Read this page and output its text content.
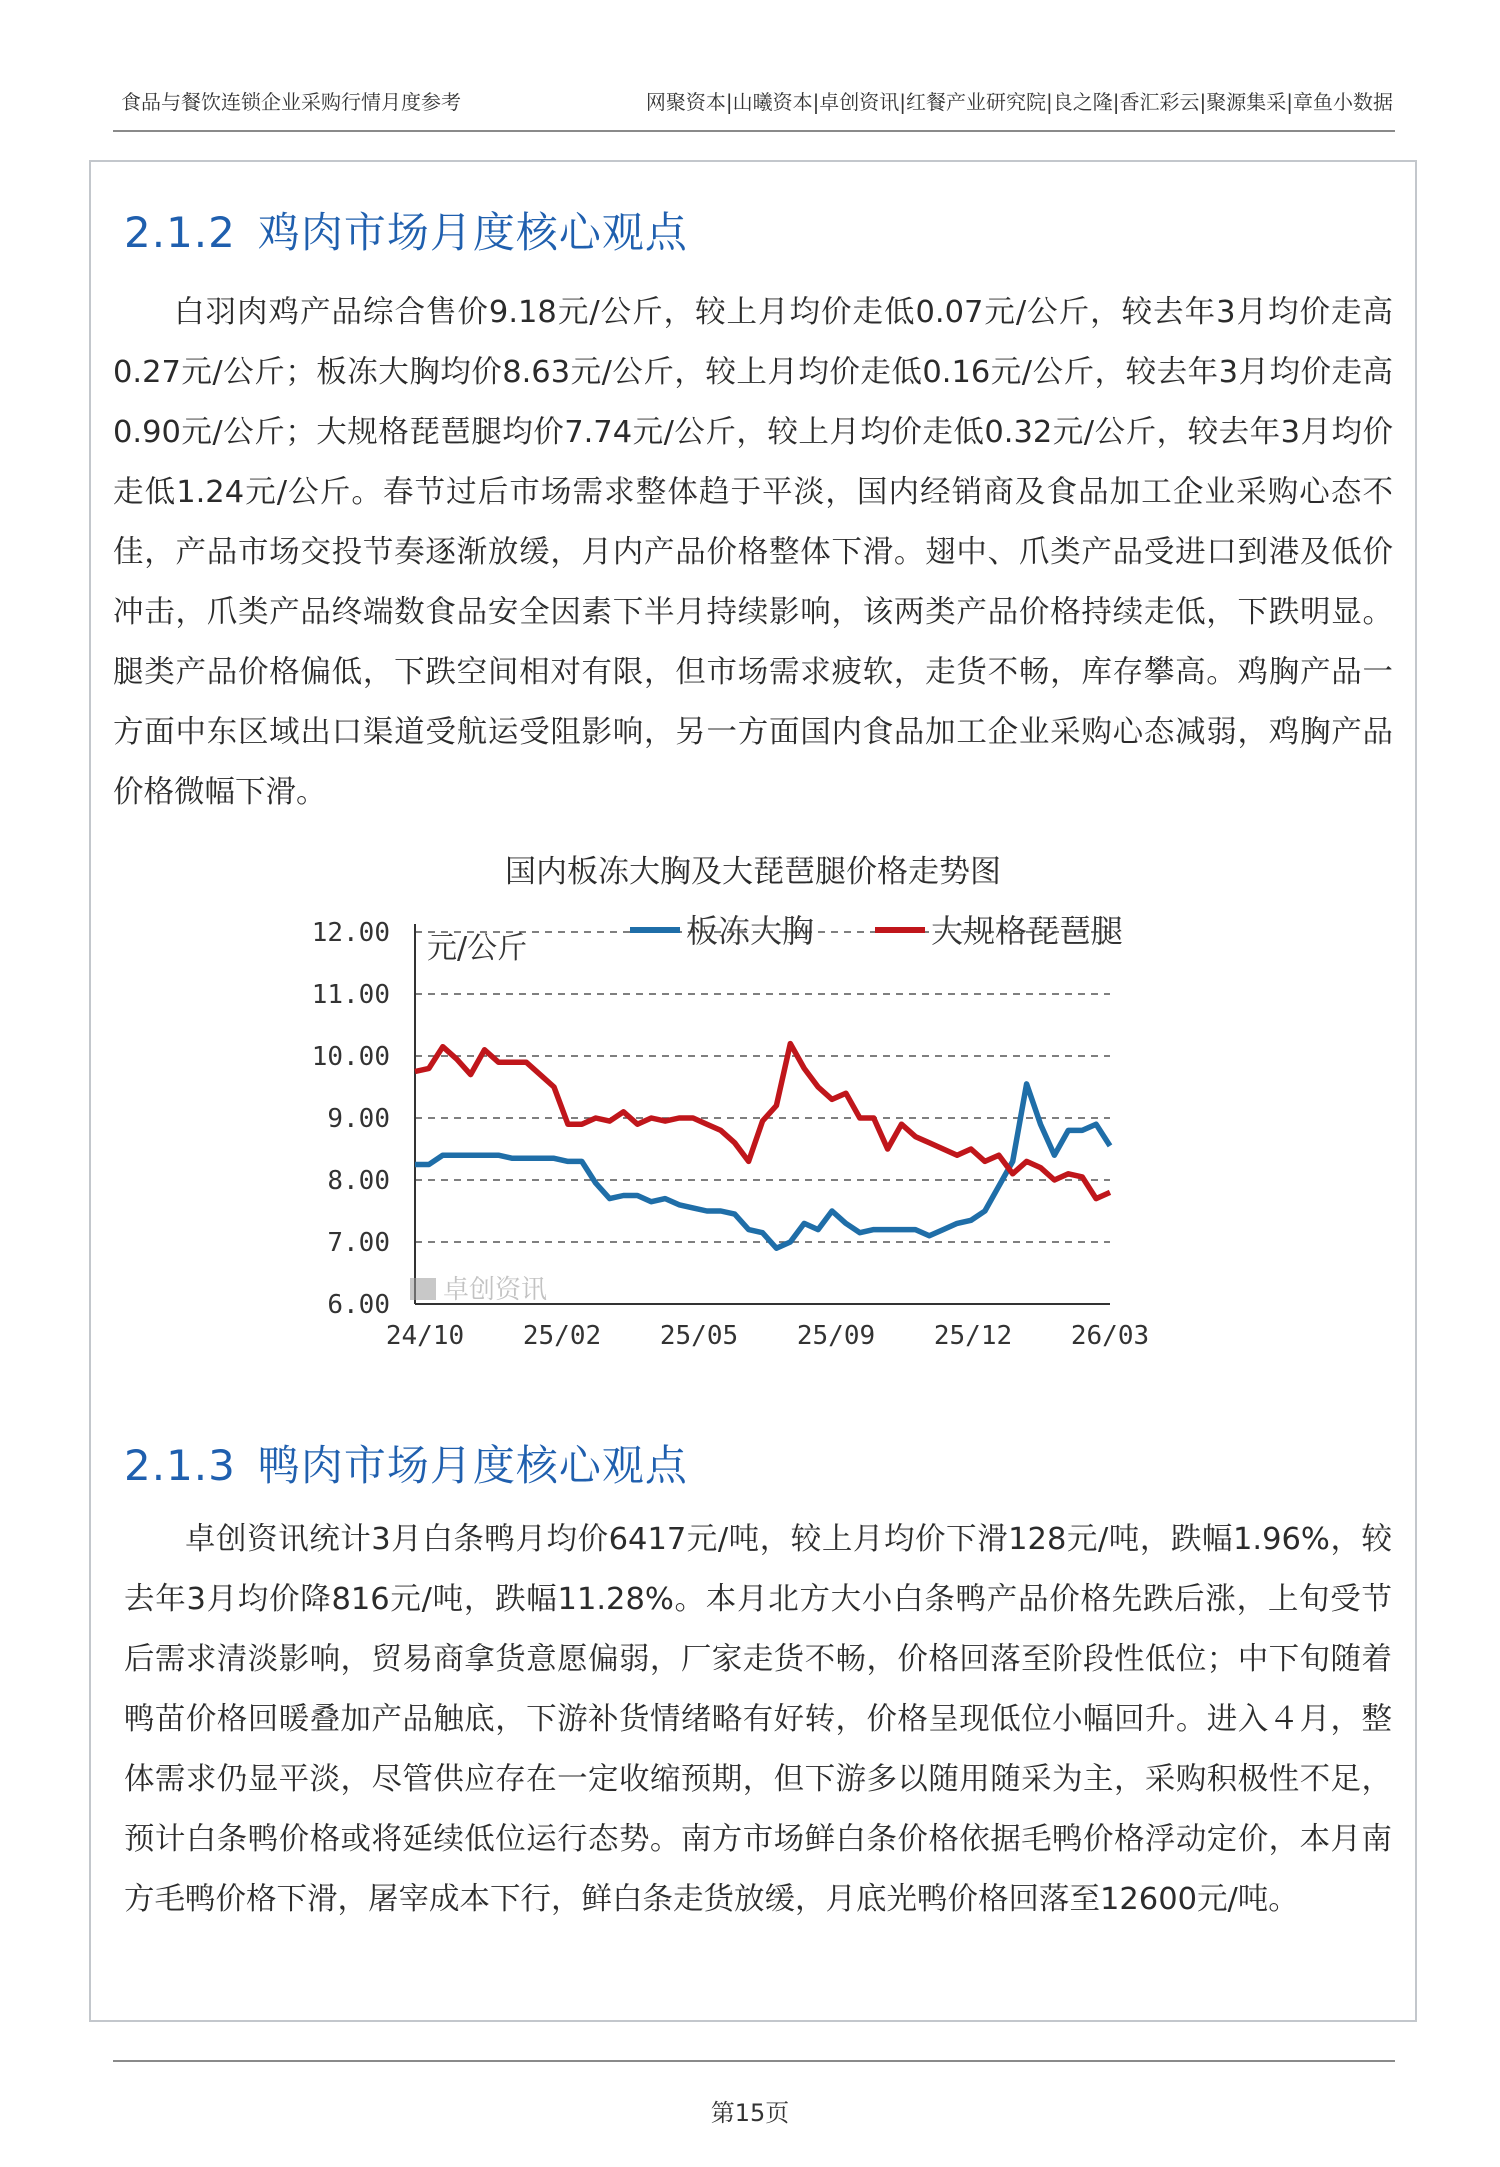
食品与餐饮连锁企业采购行情月度参考	网聚资本|山曦资本|卓创资讯|红餐产业研究院|良之隆|香汇彩云|聚源集采|章鱼小数据
2.1.2 鸡肉市场月度核心观点

白羽肉鸡产品综合售价9.18元/公斤，较上月均价走低0.07元/公斤，较去年3月均价走高0.27元/公斤；板冻大胸均价8.63元/公斤，较上月均价走低0.16元/公斤，较去年3月均价走高0.90元/公斤；大规格琵琶腿均价7.74元/公斤，较上月均价走低0.32元/公斤，较去年3月均价走低1.24元/公斤。春节过后市场需求整体趋于平淡，国内经销商及食品加工企业采购心态不佳，产品市场交投节奏逐渐放缓，月内产品价格整体下滑。翅中、爪类产品受进口到港及低价冲击，爪类产品终端数食品安全因素下半月持续影响，该两类产品价格持续走低，下跌明显。腿类产品价格偏低，下跌空间相对有限，但市场需求疲软，走货不畅，库存攀高。鸡胸产品一方面中东区域出口渠道受航运受阻影响，另一方面国内食品加工企业采购心态减弱，鸡胸产品价格微幅下滑。

国内板冻大胸及大琵琶腿价格走势图
卓创资讯
12.00
11.00
10.00
9.00
8.00
7.00
6.00
24/10 25/02 25/05 25/09 25/12 26/03
元/公斤	板冻大胸	大规格琵琶腿
2.1.3 鸭肉市场月度核心观点

卓创资讯统计3月白条鸭月均价6417元/吨，较上月均价下滑128元/吨，跌幅1.96%，较去年3月均价降816元/吨，跌幅11.28%。本月北方大小白条鸭产品价格先跌后涨，上旬受节后需求清淡影响，贸易商拿货意愿偏弱，厂家走货不畅，价格回落至阶段性低位；中下旬随着鸭苗价格回暖叠加产品触底，下游补货情绪略有好转，价格呈现低位小幅回升。进入４月，整体需求仍显平淡，尽管供应存在一定收缩预期，但下游多以随用随采为主，采购积极性不足，预计白条鸭价格或将延续低位运行态势。南方市场鲜白条价格依据毛鸭价格浮动定价，本月南方毛鸭价格下滑，屠宰成本下行，鲜白条走货放缓，月底光鸭价格回落至12600元/吨。

第15页
